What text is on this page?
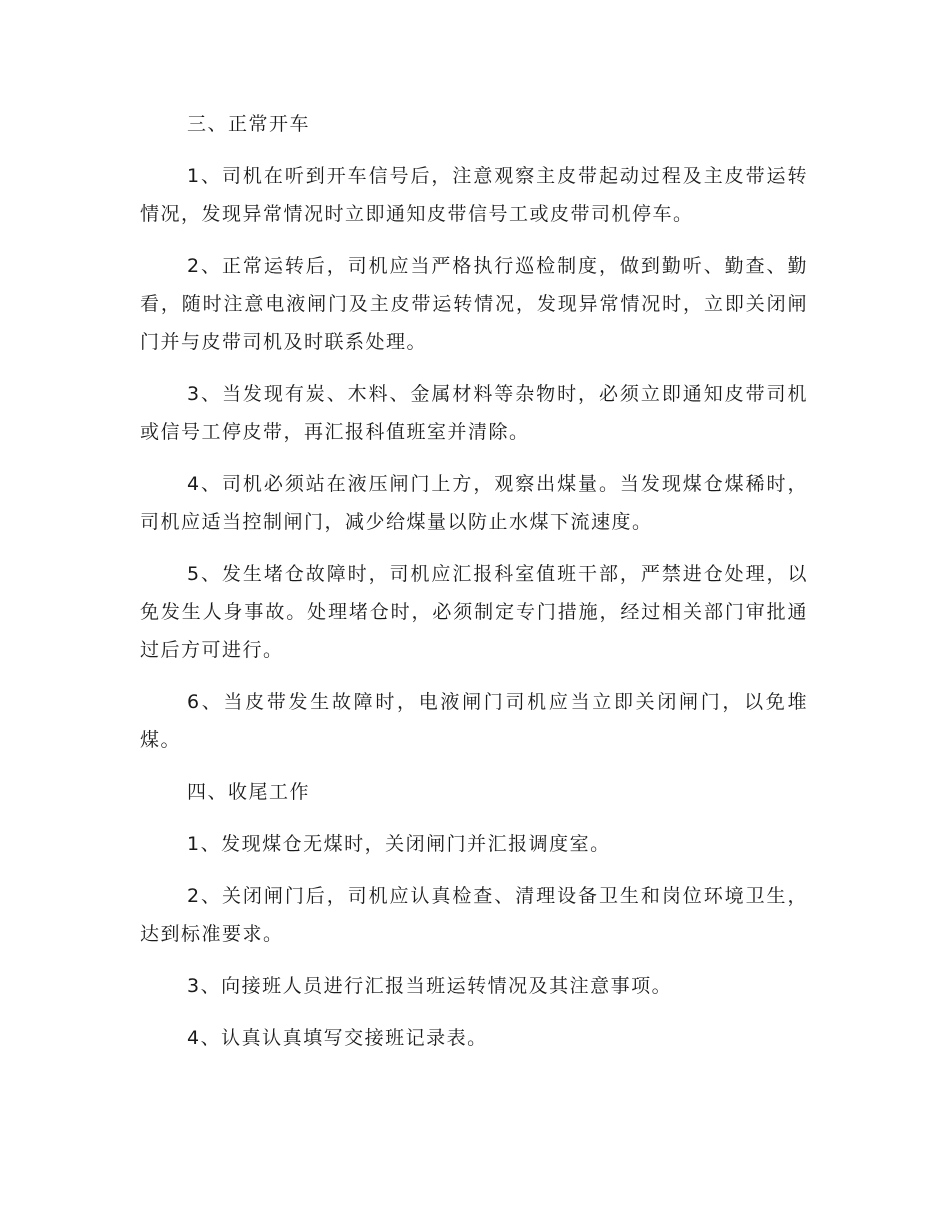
三、正常开车

1、司机在听到开车信号后，注意观察主皮带起动过程及主皮带运转情况，发现异常情况时立即通知皮带信号工或皮带司机停车。

2、正常运转后，司机应当严格执行巡检制度，做到勤听、勤查、勤看，随时注意电液闸门及主皮带运转情况，发现异常情况时，立即关闭闸门并与皮带司机及时联系处理。

3、当发现有炭、木料、金属材料等杂物时，必须立即通知皮带司机或信号工停皮带，再汇报科值班室并清除。

4、司机必须站在液压闸门上方，观察出煤量。当发现煤仓煤稀时，司机应适当控制闸门，减少给煤量以防止水煤下流速度。

5、发生堵仓故障时，司机应汇报科室值班干部，严禁进仓处理，以免发生人身事故。处理堵仓时，必须制定专门措施，经过相关部门审批通过后方可进行。

6、当皮带发生故障时，电液闸门司机应当立即关闭闸门，以免堆煤。

四、收尾工作

1、发现煤仓无煤时，关闭闸门并汇报调度室。

2、关闭闸门后，司机应认真检查、清理设备卫生和岗位环境卫生，达到标准要求。

3、向接班人员进行汇报当班运转情况及其注意事项。

4、认真认真填写交接班记录表。
